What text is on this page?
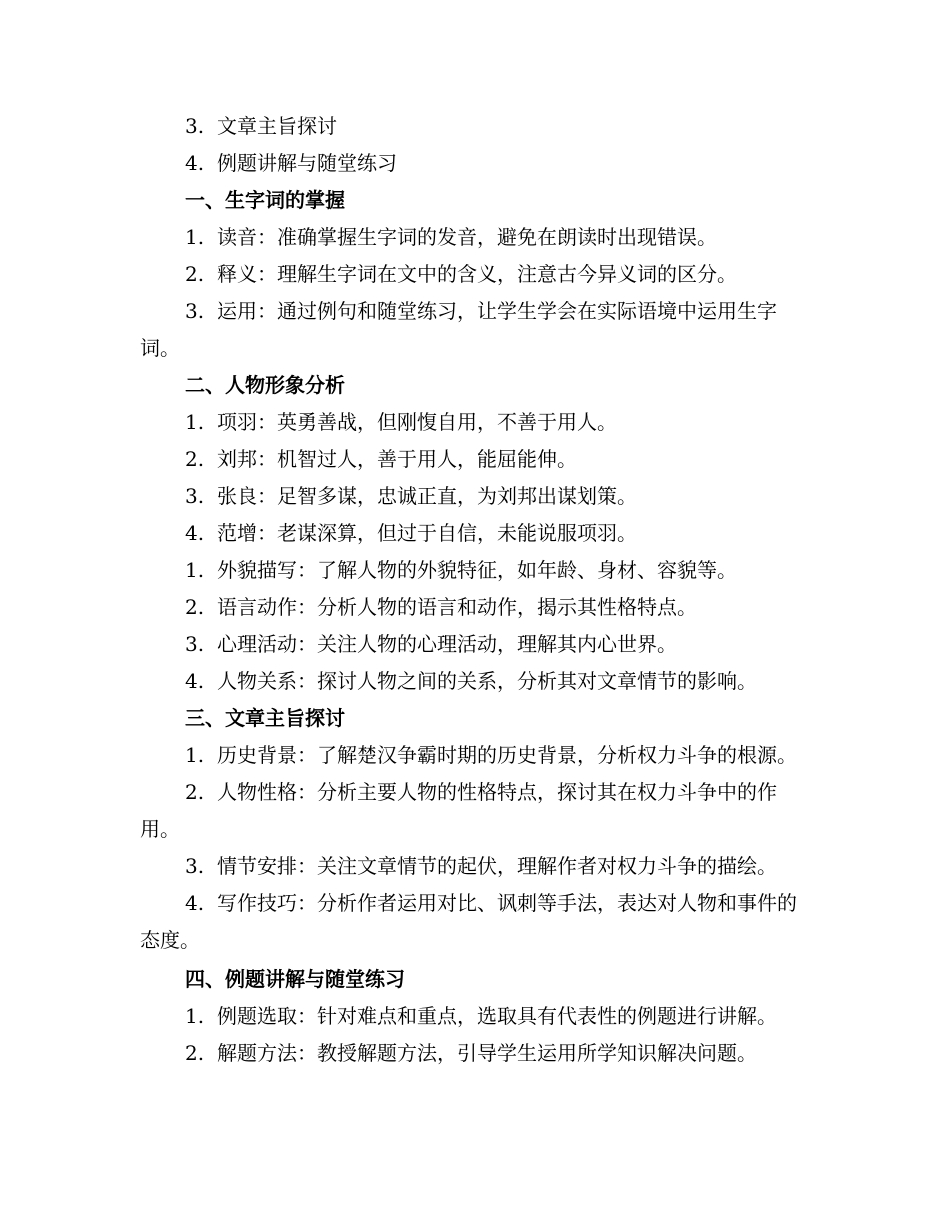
3. 文章主旨探讨

4. 例题讲解与随堂练习

一、生字词的掌握

1. 读音：准确掌握生字词的发音，避免在朗读时出现错误。

2. 释义：理解生字词在文中的含义，注意古今异义词的区分。

3. 运用：通过例句和随堂练习，让学生学会在实际语境中运用生字词。

二、人物形象分析

1. 项羽：英勇善战，但刚愎自用，不善于用人。

2. 刘邦：机智过人，善于用人，能屈能伸。

3. 张良：足智多谋，忠诚正直，为刘邦出谋划策。

4. 范增：老谋深算，但过于自信，未能说服项羽。

1. 外貌描写：了解人物的外貌特征，如年龄、身材、容貌等。

2. 语言动作：分析人物的语言和动作，揭示其性格特点。

3. 心理活动：关注人物的心理活动，理解其内心世界。

4. 人物关系：探讨人物之间的关系，分析其对文章情节的影响。

三、文章主旨探讨

1. 历史背景：了解楚汉争霸时期的历史背景，分析权力斗争的根源。

2. 人物性格：分析主要人物的性格特点，探讨其在权力斗争中的作用。

3. 情节安排：关注文章情节的起伏，理解作者对权力斗争的描绘。

4. 写作技巧：分析作者运用对比、讽刺等手法，表达对人物和事件的态度。

四、例题讲解与随堂练习

1. 例题选取：针对难点和重点，选取具有代表性的例题进行讲解。

2. 解题方法：教授解题方法，引导学生运用所学知识解决问题。
